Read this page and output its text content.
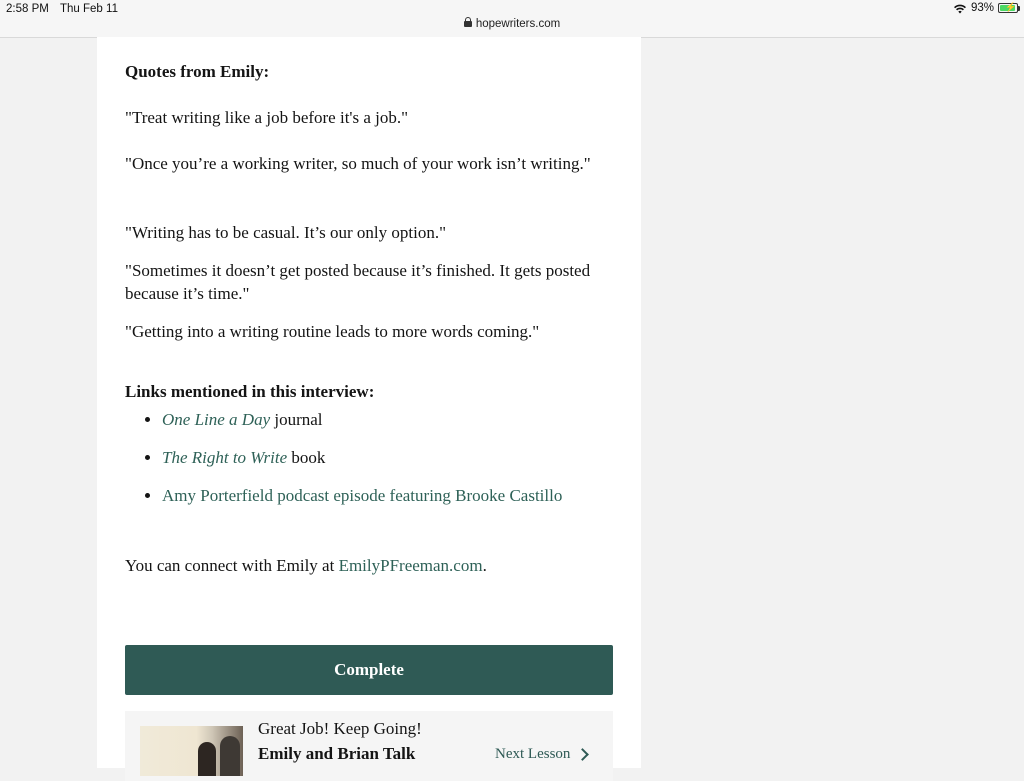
2:58 PM Thu Feb 11
hopewriters.com
93% ⚡

Quotes from Emily:

"Treat writing like a job before it's a job."

"Once you’re a working writer, so much of your work isn’t writing."

"Writing has to be casual. It’s our only option."

"Sometimes it doesn’t get posted because it’s finished. It gets posted because it’s time."

"Getting into a writing routine leads to more words coming."

Links mentioned in this interview:

• One Line a Day journal
• The Right to Write book
• Amy Porterfield podcast episode featuring Brooke Castillo

You can connect with Emily at EmilyPFreeman.com.

Complete
Great Job! Keep Going!
Emily and Brian Talk	Next Lesson
